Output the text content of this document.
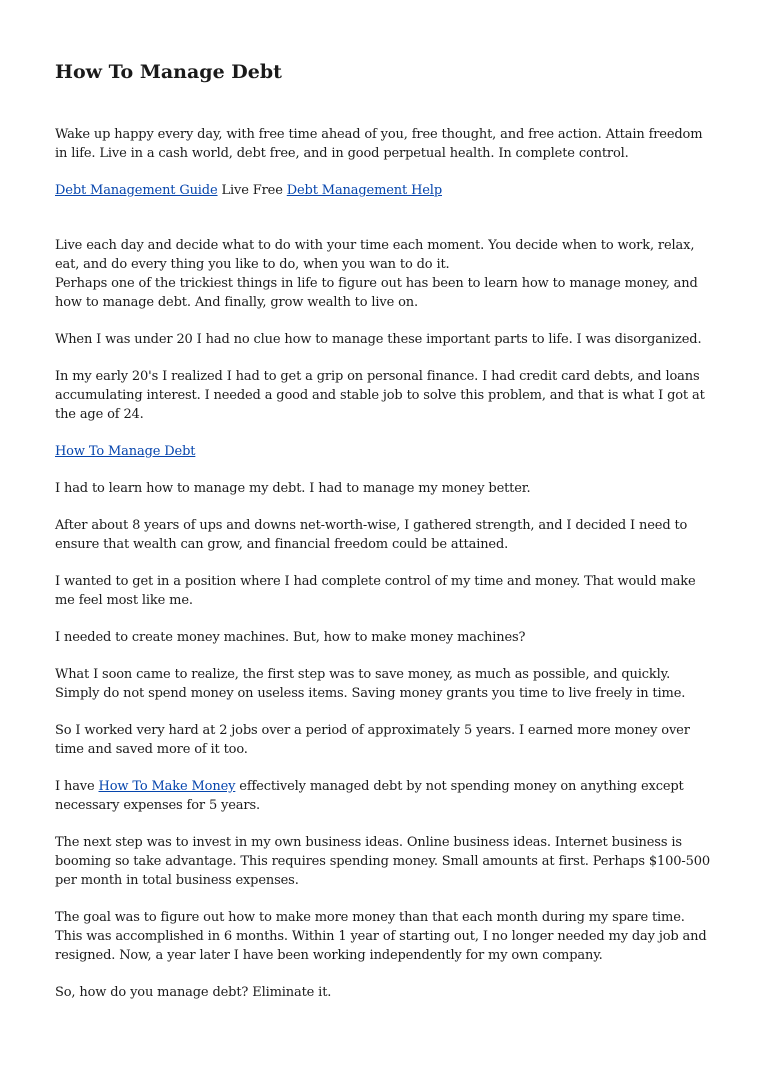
How To Manage Debt

Wake up happy every day, with free time ahead of you, free thought, and free action. Attain freedom in life. Live in a cash world, debt free, and in good perpetual health. In complete control.

Debt Management Guide Live Free Debt Management Help

Live each day and decide what to do with your time each moment. You decide when to work, relax, eat, and do every thing you like to do, when you wan to do it.

Perhaps one of the trickiest things in life to figure out has been to learn how to manage money, and how to manage debt. And finally, grow wealth to live on.

When I was under 20 I had no clue how to manage these important parts to life. I was disorganized.

In my early 20's I realized I had to get a grip on personal finance. I had credit card debts, and loans accumulating interest. I needed a good and stable job to solve this problem, and that is what I got at the age of 24.

How To Manage Debt

I had to learn how to manage my debt. I had to manage my money better.

After about 8 years of ups and downs net-worth-wise, I gathered strength, and I decided I need to ensure that wealth can grow, and financial freedom could be attained.

I wanted to get in a position where I had complete control of my time and money. That would make me feel most like me.

I needed to create money machines. But, how to make money machines?

What I soon came to realize, the first step was to save money, as much as possible, and quickly. Simply do not spend money on useless items. Saving money grants you time to live freely in time.

So I worked very hard at 2 jobs over a period of approximately 5 years. I earned more money over time and saved more of it too.

I have How To Make Money effectively managed debt by not spending money on anything except necessary expenses for 5 years.

The next step was to invest in my own business ideas. Online business ideas. Internet business is booming so take advantage. This requires spending money. Small amounts at first. Perhaps $100-500 per month in total business expenses.

The goal was to figure out how to make more money than that each month during my spare time. This was accomplished in 6 months. Within 1 year of starting out, I no longer needed my day job and resigned. Now, a year later I have been working independently for my own company.

So, how do you manage debt? Eliminate it.
